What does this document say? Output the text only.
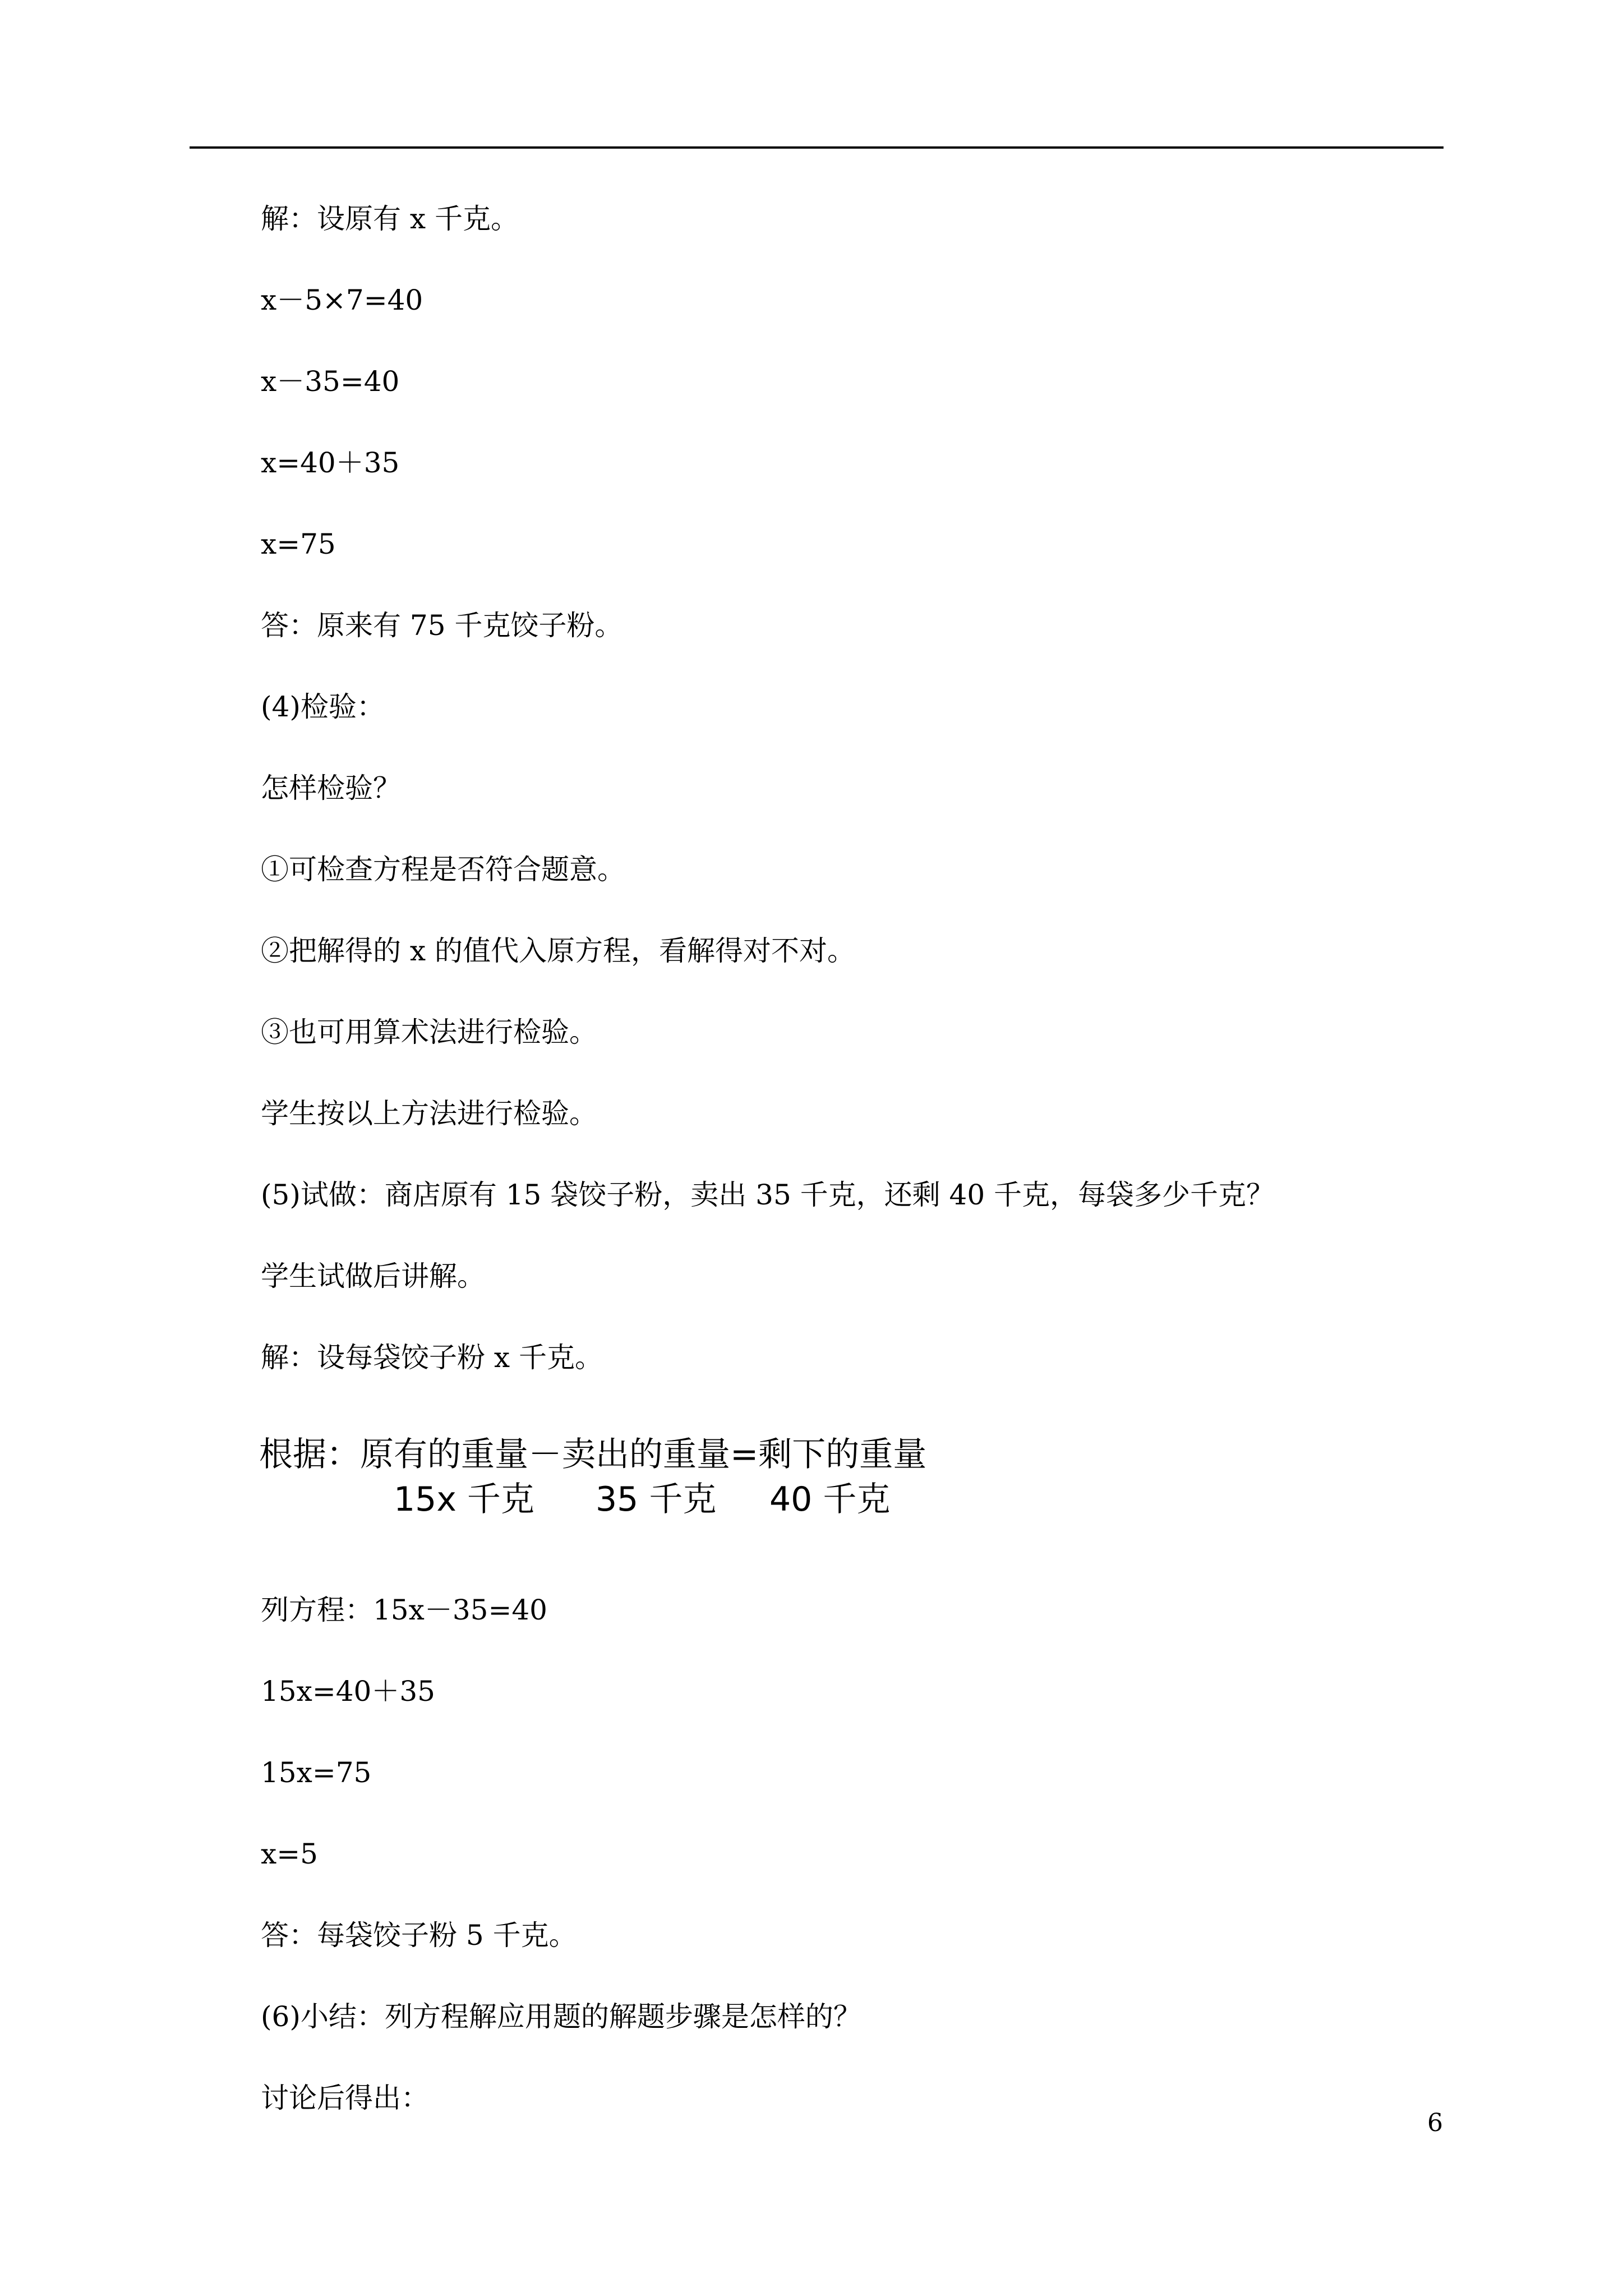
解：设原有 x 千克。
x－5×7=40
x－35=40
x=40＋35
x=75
答：原来有 75 千克饺子粉。
(4)检验：
怎样检验？
①可检查方程是否符合题意。
②把解得的 x 的值代入原方程，看解得对不对。
③也可用算术法进行检验。
学生按以上方法进行检验。
(5)试做：商店原有 15 袋饺子粉，卖出 35 千克，还剩 40 千克，每袋多少千克？
学生试做后讲解。
解：设每袋饺子粉 x 千克。
根据：原有的重量－卖出的重量=剩下的重量
15x 千克 35 千克 40 千克
列方程：15x－35=40
15x=40＋35
15x=75
x=5
答：每袋饺子粉 5 千克。
(6)小结：列方程解应用题的解题步骤是怎样的？
讨论后得出：
6
